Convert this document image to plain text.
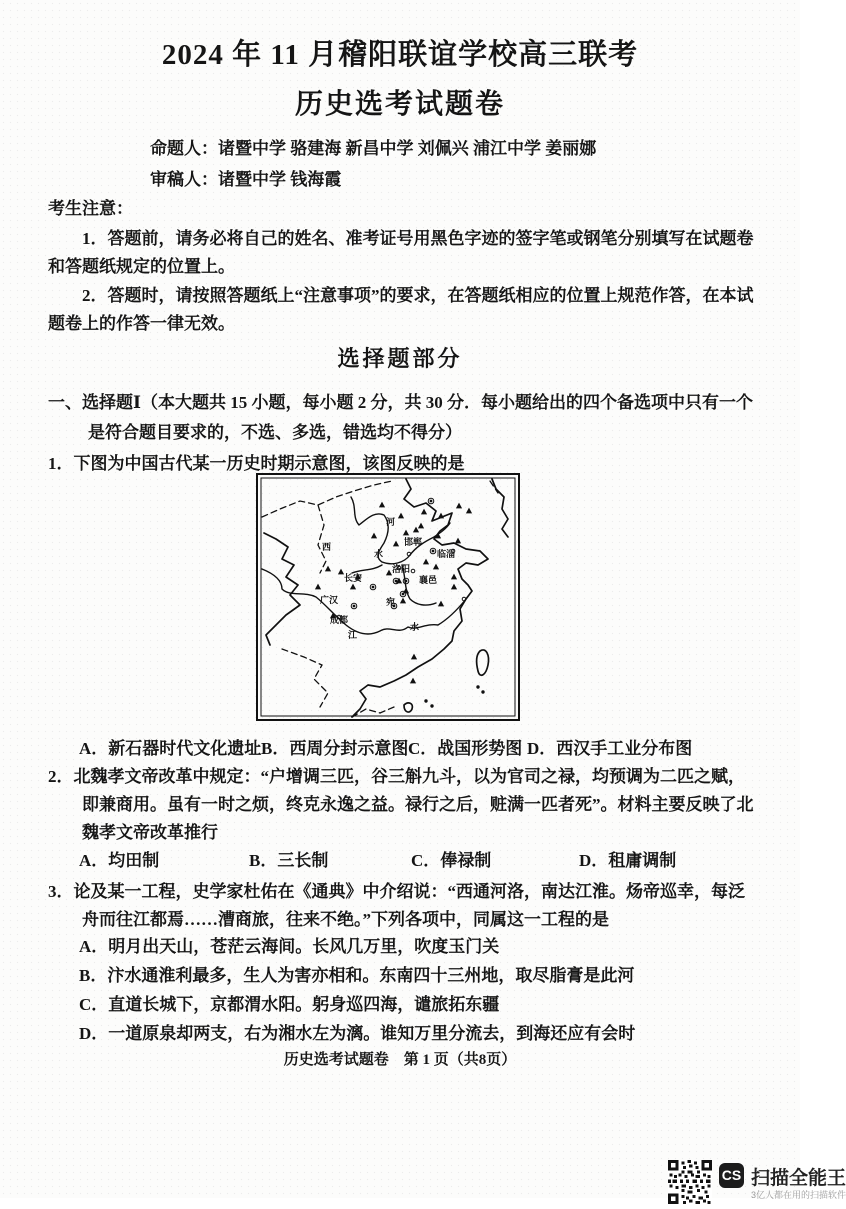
2024 年 11 月稽阳联谊学校高三联考
历史选考试题卷
命题人：诸暨中学 骆建海 新昌中学 刘佩兴 浦江中学 姜丽娜
审稿人：诸暨中学 钱海霞
考生注意：
1．答题前，请务必将自己的姓名、准考证号用黑色字迹的签字笔或钢笔分别填写在试题卷
和答题纸规定的位置上。
2．答题时，请按照答题纸上“注意事项”的要求，在答题纸相应的位置上规范作答，在本试
题卷上的作答一律无效。
选择题部分
一、选择题Ⅰ（本大题共 15 小题，每小题 2 分，共 30 分．每小题给出的四个备选项中只有一个
是符合题目要求的，不选、多选，错选均不得分）
1．下图为中国古代某一历史时期示意图，该图反映的是
河
水
西
长安
洛阳
邯郸
临淄
襄邑
宛
广汉
成都
江
水
A．新石器时代文化遗址 B．西周分封示意图 C．战国形势图 D．西汉手工业分布图
2．北魏孝文帝改革中规定：“户增调三匹，谷三斛九斗，以为官司之禄，均预调为二匹之赋，
即兼商用。虽有一时之烦，终克永逸之益。禄行之后，赃满一匹者死”。材料主要反映了北
魏孝文帝改革推行
A．均田制	B．三长制	C．俸禄制	D．租庸调制
3．论及某一工程，史学家杜佑在《通典》中介绍说：“西通河洛，南达江淮。炀帝巡幸，每泛
舟而往江都焉……漕商旅，往来不绝。”下列各项中，同属这一工程的是
A．明月出天山，苍茫云海间。长风几万里，吹度玉门关
B．汴水通淮利最多，生人为害亦相和。东南四十三州地，取尽脂膏是此河
C．直道长城下，京都渭水阳。躬身巡四海，谴旅拓东疆
D．一道原泉却两支，右为湘水左为漓。谁知万里分流去，到海还应有会时
历史选考试题卷　第 1 页（共8页）
CS 扫描全能王
3亿人都在用的扫描软件
